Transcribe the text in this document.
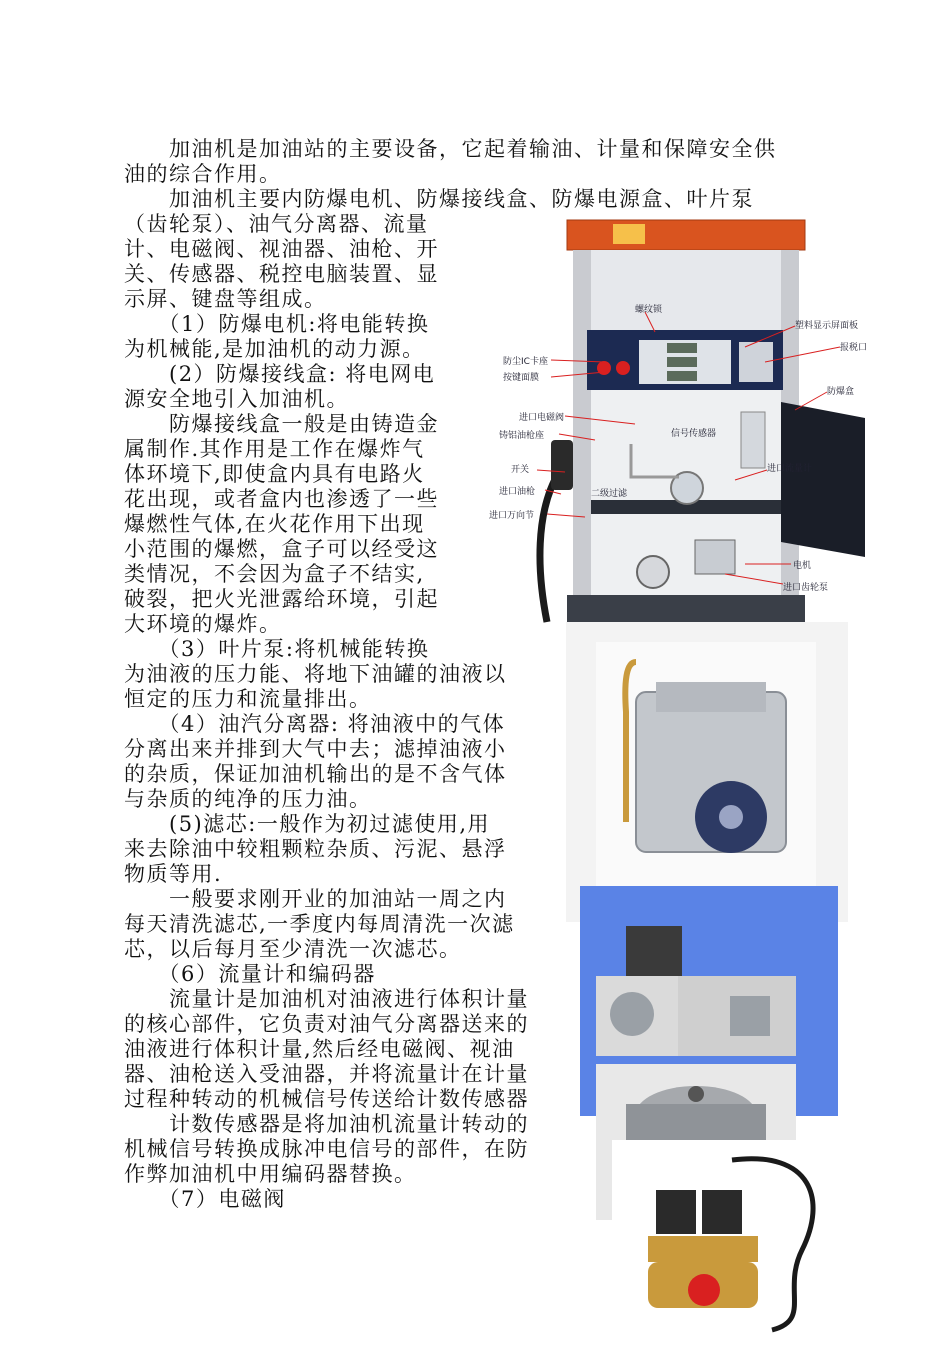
　　加油机是加油站的主要设备，它起着输油、计量和保障安全供
油的综合作用。
　　加油机主要内防爆电机、防爆接线盒、防爆电源盒、叶片泵
（齿轮泵）、油气分离器、流量
计、电磁阀、视油器、油枪、开
关、传感器、税控电脑装置、显
示屏、键盘等组成。
　　（1）防爆电机:将电能转换
为机械能,是加油机的动力源。
　　(2）防爆接线盒: 将电网电
源安全地引入加油机。
　　防爆接线盒一般是由铸造金
属制作.其作用是工作在爆炸气
体环境下,即使盒内具有电路火
花出现，或者盒内也渗透了一些
爆燃性气体,在火花作用下出现
小范围的爆燃，盒子可以经受这
类情况，不会因为盒子不结实,
破裂，把火光泄露给环境，引起
大环境的爆炸。
　　（3）叶片泵:将机械能转换
为油液的压力能、将地下油罐的油液以
恒定的压力和流量排出。
　　（4）油汽分离器: 将油液中的气体
分离出来并排到大气中去；滤掉油液小
的杂质，保证加油机输出的是不含气体
与杂质的纯净的压力油。
　　(5)滤芯:一般作为初过滤使用,用
来去除油中较粗颗粒杂质、污泥、悬浮
物质等用.
　　一般要求刚开业的加油站一周之内
每天清洗滤芯,一季度内每周清洗一次滤
芯，以后每月至少清洗一次滤芯。
　　（6）流量计和编码器
　　流量计是加油机对油液进行体积计量
的核心部件，它负责对油气分离器送来的
油液进行体积计量,然后经电磁阀、视油
器、油枪送入受油器，并将流量计在计量
过程种转动的机械信号传送给计数传感器
　　计数传感器是将加油机流量计转动的
机械信号转换成脉冲电信号的部件，在防
作弊加油机中用编码器替换。
　　（7）电磁阀
螺纹锁
塑料显示屏面板
报税口
防尘IC卡座
按键面膜
防爆盒
进口电磁阀
铸铝油枪座	信号传感器
开关	进口流量计
进口油枪	二级过滤
进口万向节
电机
进口齿轮泵
